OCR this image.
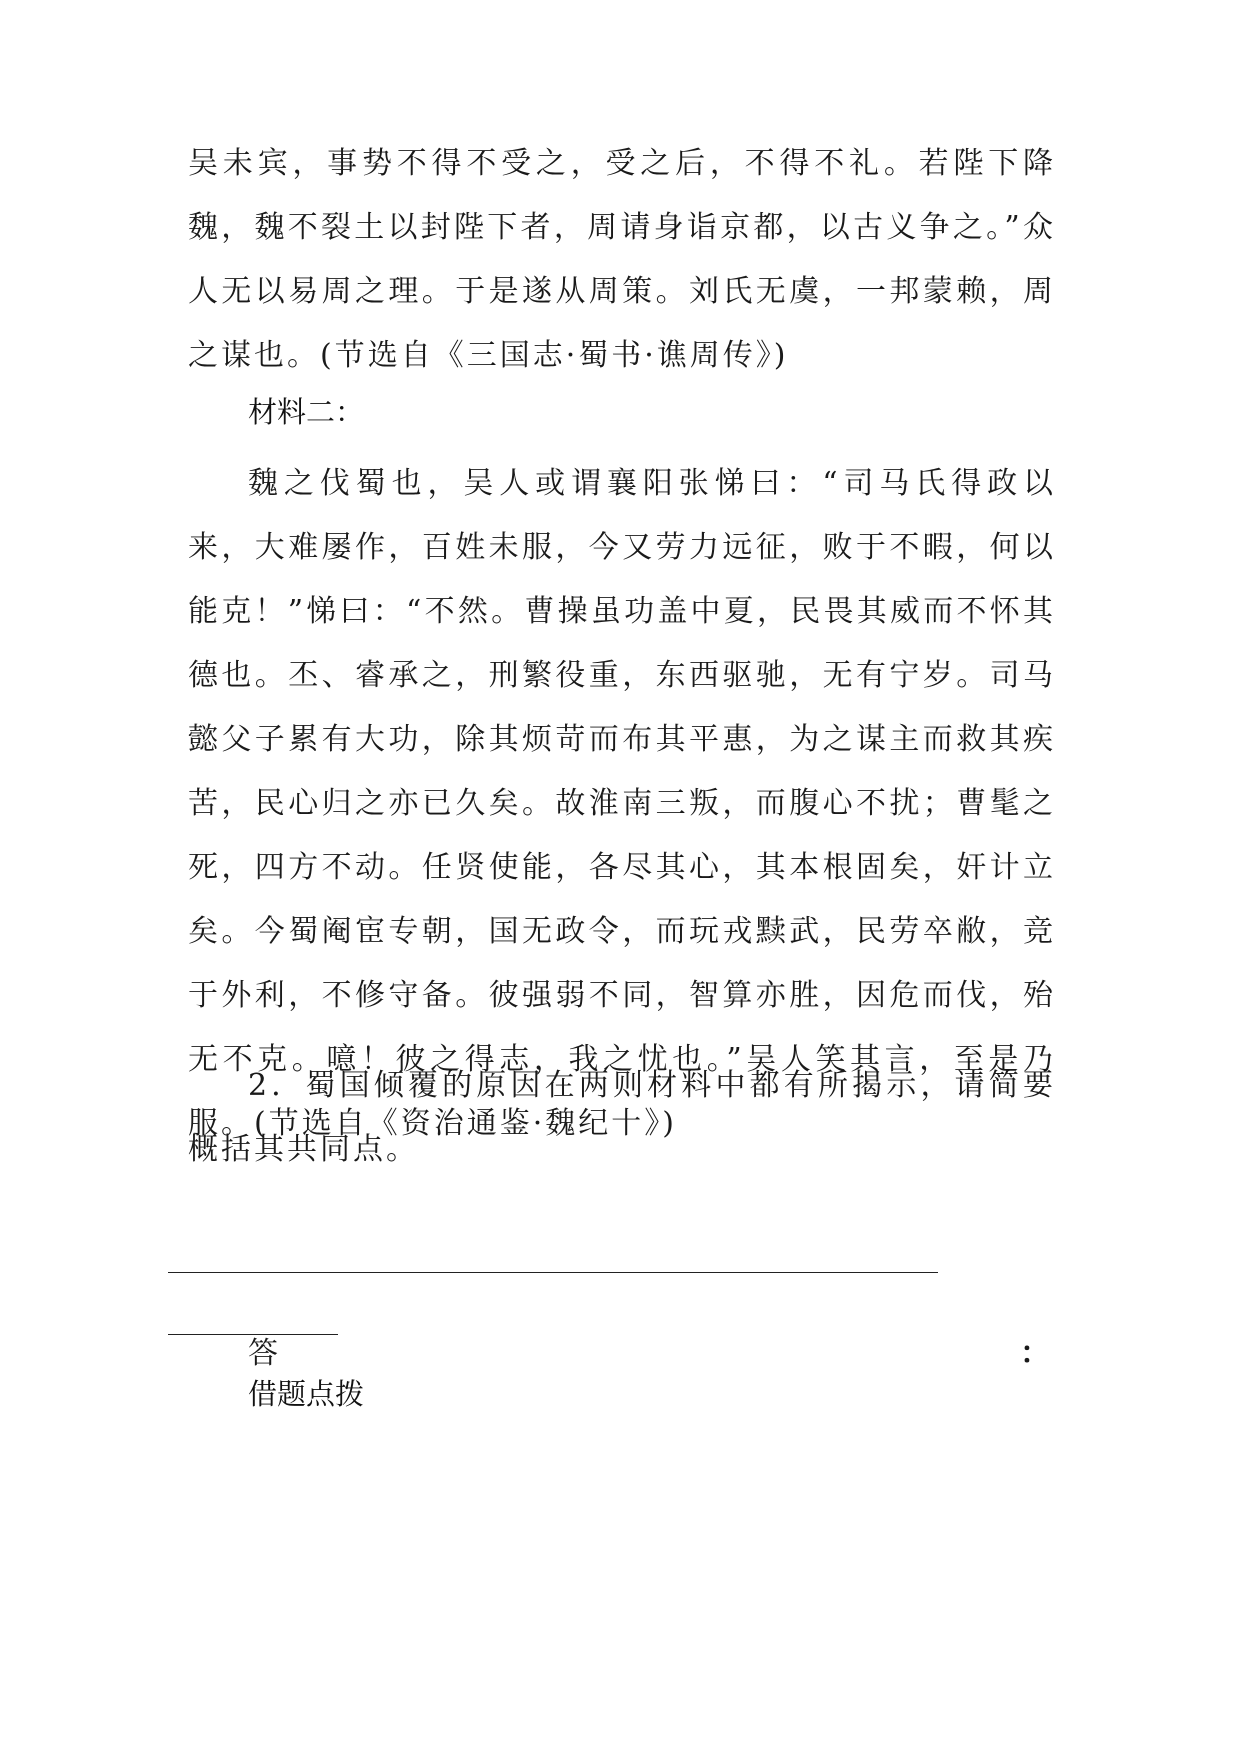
吴未宾，事势不得不受之，受之后，不得不礼。若陛下降魏，魏不裂土以封陛下者，周请身诣京都，以古义争之。”众人无以易周之理。于是遂从周策。刘氏无虞，一邦蒙赖，周之谋也。(节选自《三国志·蜀书·谯周传》)
材料二：
魏之伐蜀也，吴人或谓襄阳张悌曰：“司马氏得政以来，大难屡作，百姓未服，今又劳力远征，败于不暇，何以能克！”悌曰：“不然。曹操虽功盖中夏，民畏其威而不怀其德也。丕、睿承之，刑繁役重，东西驱驰，无有宁岁。司马懿父子累有大功，除其烦苛而布其平惠，为之谋主而救其疾苦，民心归之亦已久矣。故淮南三叛，而腹心不扰；曹髦之死，四方不动。任贤使能，各尽其心，其本根固矣，奸计立矣。今蜀阉宦专朝，国无政令，而玩戎黩武，民劳卒敝，竞于外利，不修守备。彼强弱不同，智算亦胜，因危而伐，殆无不克。噫！彼之得志，我之忧也。”吴人笑其言，至是乃服。(节选自《资治通鉴·魏纪十》)
2．蜀国倾覆的原因在两则材料中都有所揭示，请简要概括其共同点。
答	：
借题点拨
